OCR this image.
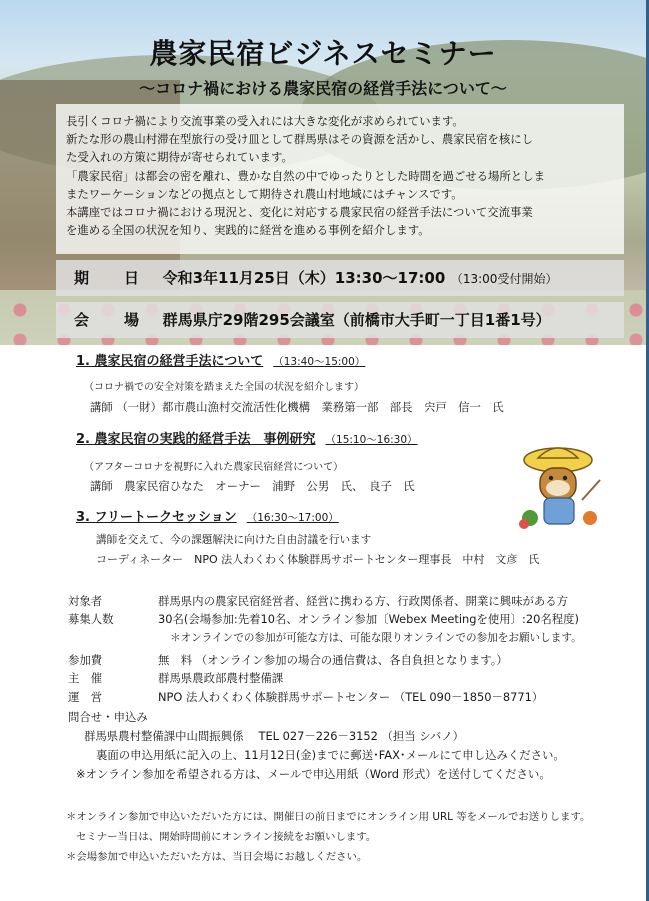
農家民宿ビジネスセミナー
～コロナ禍における農家民宿の経営手法について～

長引くコロナ禍により交流事業の受入れには大きな変化が求められています。

新たな形の農山村滞在型旅行の受け皿として群馬県はその資源を活かし、農家民宿を核にし

た受入れの方策に期待が寄せられています。

「農家民宿」は都会の密を離れ、豊かな自然の中でゆったりとした時間を過ごせる場所としま

またワーケーションなどの拠点として期待され農山村地域にはチャンスです。

本講座ではコロナ禍における現況と、変化に対応する農家民宿の経営手法について交流事業

を進める全国の状況を知り、実践的に経営を進める事例を紹介します。

期　日 令和3年11月25日（木）13:30～17:00 （13:00受付開始）
会　場 群馬県庁29階295会議室（前橋市大手町一丁目1番1号）
1. 農家民宿の経営手法について （13:40～15:00）
（コロナ禍での安全対策を踏まえた全国の状況を紹介します）
講師 （一財）都市農山漁村交流活性化機構　業務第一部　部長　宍戸　信一　氏
2. 農家民宿の実践的経営手法　事例研究 （15:10～16:30）
（アフターコロナを視野に入れた農家民宿経営について）
講師　農家民宿ひなた　オーナー　浦野　公男　氏、　良子　氏
3. フリートークセッション （16:30～17:00）
講師を交えて、今の課題解決に向けた自由討議を行います
コーディネーター　NPO 法人わくわく体験群馬サポートセンター理事長　中村　文彦　氏
対象者	群馬県内の農家民宿経営者、経営に携わる方、行政関係者、開業に興味がある方
募集人数	30名(会場参加:先着10名、オンライン参加〔Webex Meetingを使用〕:20名程度)
＊オンラインでの参加が可能な方は、可能な限りオンラインでの参加をお願いします。
参加費	無　料 （オンライン参加の場合の通信費は、各自負担となります。）
主　催	群馬県農政部農村整備課
運　営	NPO 法人わくわく体験群馬サポートセンター （TEL 090－1850－8771）
問合せ・申込み
群馬県農村整備課中山間振興係　 TEL 027－226－3152 （担当 シバノ）
裏面の申込用紙に記入の上、11月12日(金)までに郵送･FAX･メールにて申し込みください。
※オンライン参加を希望される方は、メールで申込用紙（Word 形式）を送付してください。
＊オンライン参加で申込いただいた方には、開催日の前日までにオンライン用 URL 等をメールでお送りします。
セミナー当日は、開始時間前にオンライン接続をお願いします。
＊会場参加で申込いただいた方は、当日会場にお越しください。
